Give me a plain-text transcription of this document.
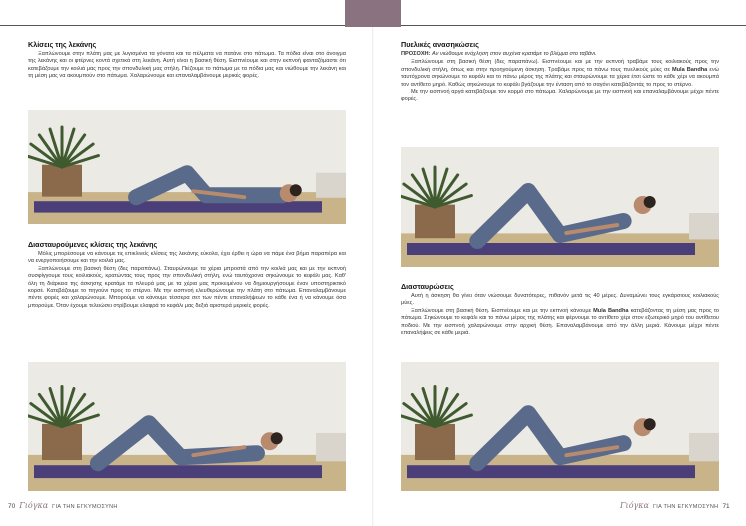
Κλίσεις της λεκάνης

Ξαπλώνουμε στην πλάτη μας με λυγισμένα τα γόνατα και τα πέλματα να πατάνε στο πάτωμα. Τα πόδια είναι στο άνοιγμα της λεκάνης και οι φτέρνες κοντά σχετικά στη λεκάνη. Αυτή είναι η βασική θέση. Εισπνέουμε και στην εκπνοή φανταζόμαστε ότι κατεβάζουμε την κοιλιά μας προς την σπονδυλική μας στήλη. Πιέζουμε το πάτωμα με τα πόδια μας και νιώθουμε την λεκάνη και τη μέση μας να ακουμπούν στο πάτωμα. Χαλαρώνουμε και επαναλαμβάνουμε μερικές φορές.

Διασταυρούμενες κλίσεις της λεκάνης

Μόλις μπορέσουμε να κάνουμε τις επικλινείς κλίσεις της λεκάνης εύκολα, έχει έρθει η ώρα να πάμε ένα βήμα παραπέρα και να ενεργοποιήσουμε και την κοιλιά μας.

Ξαπλώνουμε στη βασική θέση (δες παραπάνω). Σταυρώνουμε τα χέρια μπροστά από την κοιλιά μας και με την εκπνοή συσφίγγουμε τους κοιλιακούς, κρατώντας τους προς την σπονδυλική στήλη, ενώ ταυτόχρονα σηκώνουμε το κεφάλι μας. Καθ' όλη τη διάρκεια της άσκησης κρατάμε τα πλευρά μας με τα χέρια μας προκειμένου να δημιουργήσουμε έναν υποστηρικτικό κορσέ. Κατεβάζουμε το πηγούνι προς το στέρνο. Με την εισπνοή ελευθερώνουμε την πλάτη στο πάτωμα. Επαναλαμβάνουμε πέντε φορές και χαλαρώνουμε. Μπορούμε να κάνουμε τέσσερα σετ των πέντε επαναλήψεων το κάθε ένα ή να κάνουμε όσα μπορούμε. Όταν έχουμε τελειώσει στρίβουμε ελαφρά το κεφάλι μας δεξιά αριστερά μερικές φορές.

70 Γιόγκα ΓΙΑ ΤΗΝ ΕΓΚΥΜΟΣΥΝΗ
Πυελικές ανασηκώσεις
ΠΡΟΣΟΧΗ: Αν νιώθουμε ενόχληση στον αυχένα κρατάμε το βλέμμα στο ταβάνι.

Ξαπλώνουμε στη βασική θέση (δες παραπάνω). Εισπνέουμε και με την εκπνοή τραβάμε τους κοιλιακούς προς την σπονδυλική στήλη, όπως και στην προηγούμενη άσκηση. Τραβάμε προς τα πάνω τους πυελικούς μύες σε Mula Bandha ενώ ταυτόχρονα σηκώνουμε το κεφάλι και το πάνω μέρος της πλάτης και σταυρώνουμε τα χέρια έτσι ώστε το κάθε χέρι να ακουμπά τον αντίθετο μηρό. Καθώς σηκώνουμε το κεφάλι βγάζουμε την ένταση από το σαγόνι κατεβάζοντάς το προς το στέρνο.

Με την εισπνοή αργά κατεβάζουμε τον κορμό στο πάτωμα. Χαλαρώνουμε με την εισπνοή και επαναλαμβάνουμε μέχρι πέντε φορές.

Διασταυρώσεις

Αυτή η άσκηση θα γίνει όταν νιώσουμε δυνατότερες, πιθανόν μετά τις 40 μέρες. Δυναμώνει τους εγκάρσιους κοιλιακούς μύες.

Ξαπλώνουμε στη βασική θέση. Εισπνέουμε και με την εκπνοή κάνουμε Mula Bandha κατεβάζοντας τη μέση μας προς το πάτωμα. Σηκώνουμε το κεφάλι και το πάνω μέρος της πλάτης και φέρνουμε το αντίθετο χέρι στον εξωτερικό μηρό του αντίθετου ποδιού. Με την εισπνοή χαλαρώνουμε στην αρχική θέση. Επαναλαμβάνουμε από την άλλη μεριά. Κάνουμε μέχρι πέντε επαναλήψεις σε κάθε μεριά.

Γιόγκα ΓΙΑ ΤΗΝ ΕΓΚΥΜΟΣΥΝΗ 71
